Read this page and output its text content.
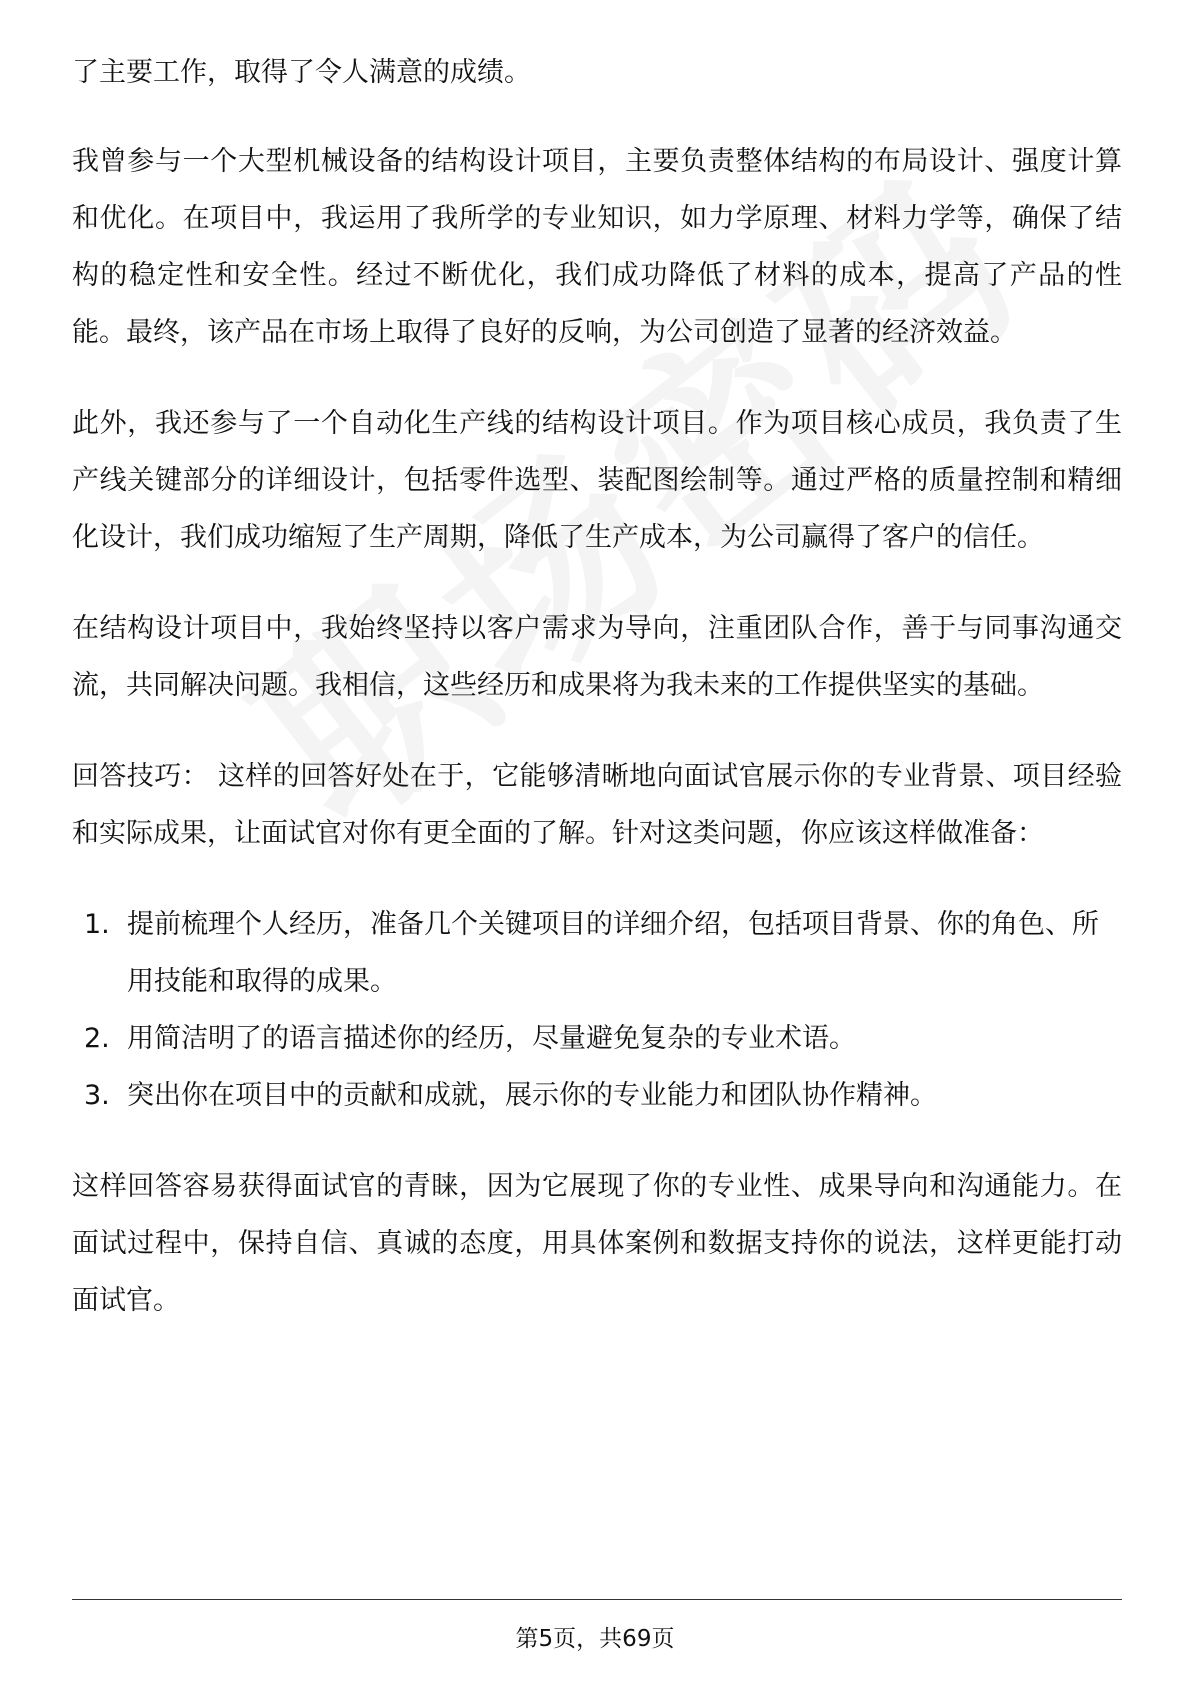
了主要工作，取得了令人满意的成绩。

我曾参与一个大型机械设备的结构设计项目，主要负责整体结构的布局设计、强度计算和优化。在项目中，我运用了我所学的专业知识，如力学原理、材料力学等，确保了结构的稳定性和安全性。经过不断优化，我们成功降低了材料的成本，提高了产品的性能。最终，该产品在市场上取得了良好的反响，为公司创造了显著的经济效益。

此外，我还参与了一个自动化生产线的结构设计项目。作为项目核心成员，我负责了生产线关键部分的详细设计，包括零件选型、装配图绘制等。通过严格的质量控制和精细化设计，我们成功缩短了生产周期，降低了生产成本，为公司赢得了客户的信任。

在结构设计项目中，我始终坚持以客户需求为导向，注重团队合作，善于与同事沟通交流，共同解决问题。我相信，这些经历和成果将为我未来的工作提供坚实的基础。

回答技巧： 这样的回答好处在于，它能够清晰地向面试官展示你的专业背景、项目经验和实际成果，让面试官对你有更全面的了解。针对这类问题，你应该这样做准备：

1. 提前梳理个人经历，准备几个关键项目的详细介绍，包括项目背景、你的角色、所用技能和取得的成果。
2. 用简洁明了的语言描述你的经历，尽量避免复杂的专业术语。
3. 突出你在项目中的贡献和成就，展示你的专业能力和团队协作精神。

这样回答容易获得面试官的青睐，因为它展现了你的专业性、成果导向和沟通能力。在面试过程中，保持自信、真诚的态度，用具体案例和数据支持你的说法，这样更能打动面试官。

第5页，共69页
